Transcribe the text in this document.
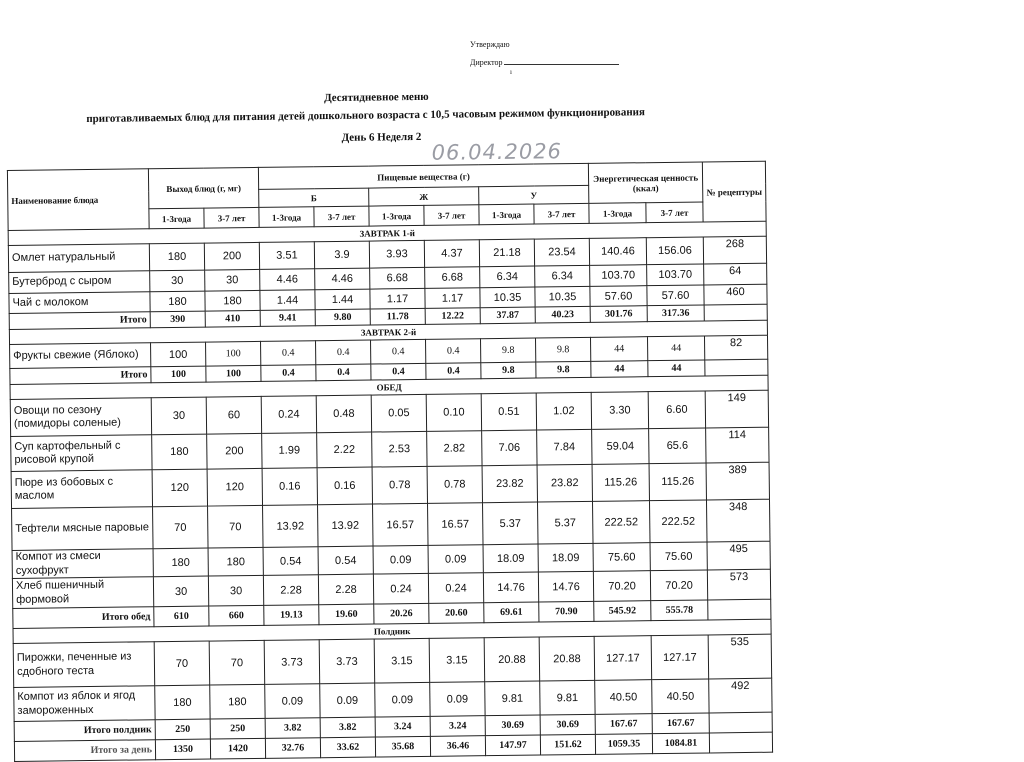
Утверждаю
Директор
ı
Десятидневное меню
приготавливаемых блюд для питания детей дошкольного возраста с 10,5 часовым режимом функционирования
День 6 Неделя 2
06.04.2026
Наименование блюда	Выход блюд (г, мг)		Пищевые вещества (г)						Энергетическая ценность (ккал)		№ рецептуры
			Б		Ж		У				
	1-3года	3-7 лет	1-3года	3-7 лет	1-3года	3-7 лет	1-3года	3-7 лет	1-3года	3-7 лет	
ЗАВТРАК 1-й											
Омлет натуральный	180	200	3.51	3.9	3.93	4.37	21.18	23.54	140.46	156.06	268
Бутерброд с сыром	30	30	4.46	4.46	6.68	6.68	6.34	6.34	103.70	103.70	64
Чай с молоком	180	180	1.44	1.44	1.17	1.17	10.35	10.35	57.60	57.60	460
Итого	390	410	9.41	9.80	11.78	12.22	37.87	40.23	301.76	317.36	
ЗАВТРАК 2-й											
Фрукты свежие (Яблоко)	100	100	0.4	0.4	0.4	0.4	9.8	9.8	44	44	82
Итого	100	100	0.4	0.4	0.4	0.4	9.8	9.8	44	44	
ОБЕД											
Овощи по сезону (помидоры соленые)	30	60	0.24	0.48	0.05	0.10	0.51	1.02	3.30	6.60	149
Суп картофельный с рисовой крупой	180	200	1.99	2.22	2.53	2.82	7.06	7.84	59.04	65.6	114
Пюре из бобовых с маслом	120	120	0.16	0.16	0.78	0.78	23.82	23.82	115.26	115.26	389
Тефтели мясные паровые	70	70	13.92	13.92	16.57	16.57	5.37	5.37	222.52	222.52	348
Компот из смеси сухофрукт	180	180	0.54	0.54	0.09	0.09	18.09	18.09	75.60	75.60	495
Хлеб пшеничный формовой	30	30	2.28	2.28	0.24	0.24	14.76	14.76	70.20	70.20	573
Итого обед	610	660	19.13	19.60	20.26	20.60	69.61	70.90	545.92	555.78	
Полдник											
Пирожки, печенные из сдобного теста	70	70	3.73	3.73	3.15	3.15	20.88	20.88	127.17	127.17	535
Компот из яблок и ягод замороженных	180	180	0.09	0.09	0.09	0.09	9.81	9.81	40.50	40.50	492
Итого полдник	250	250	3.82	3.82	3.24	3.24	30.69	30.69	167.67	167.67	
Итого за день	1350	1420	32.76	33.62	35.68	36.46	147.97	151.62	1059.35	1084.81	
